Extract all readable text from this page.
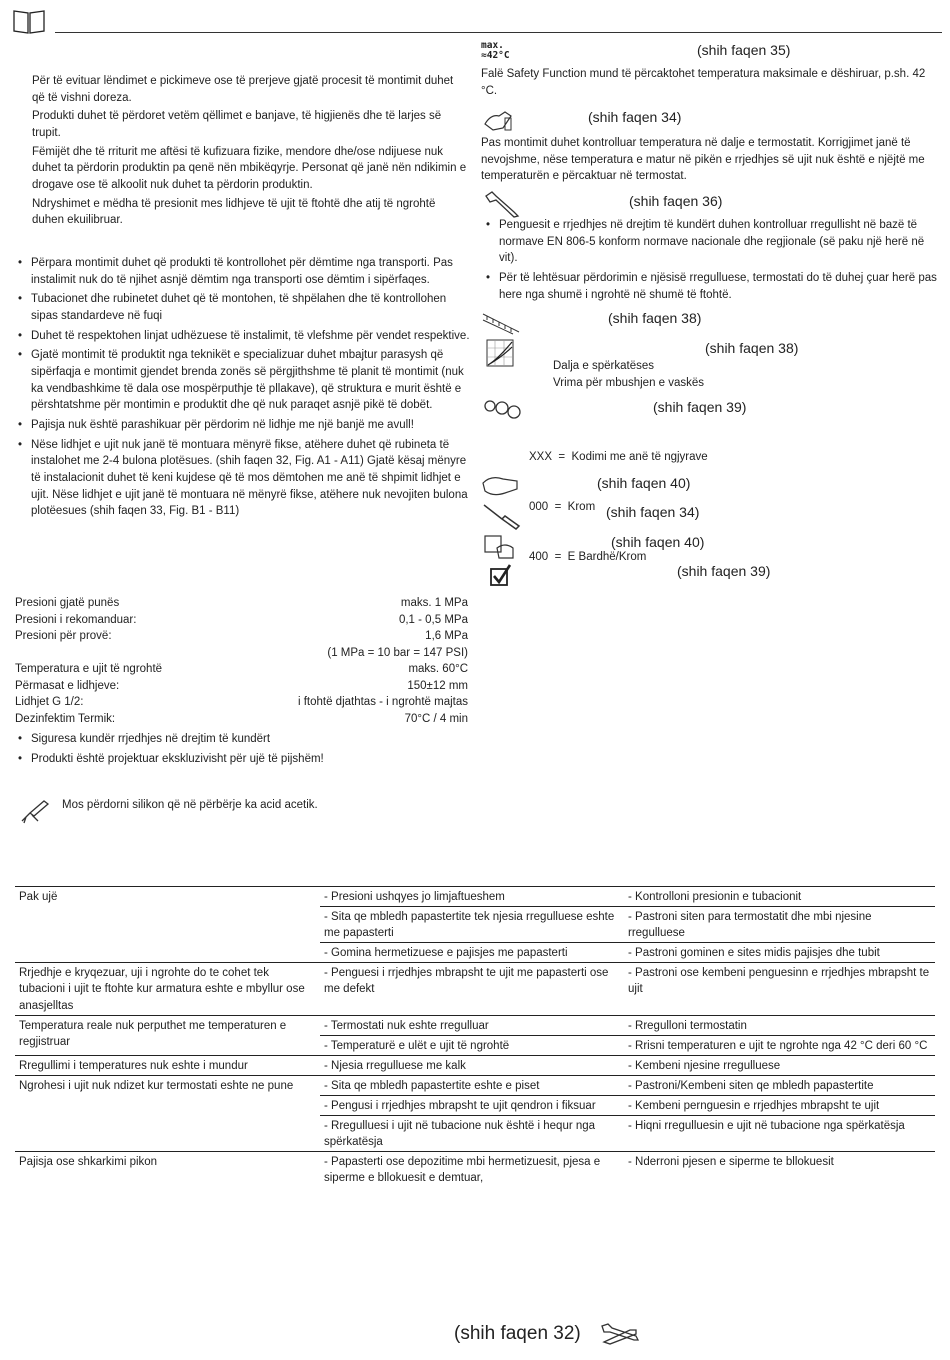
Për të evituar lëndimet e pickimeve ose të prerjeve gjatë procesit të montimit duhet që të vishni doreza.

Produkti duhet të përdoret vetëm qëllimet e banjave, të higjienës dhe të larjes së trupit.

Fëmijët dhe të rriturit me aftësi të kufizuara fizike, mendore dhe/ose ndijuese nuk duhet ta përdorin produktin pa qenë nën mbikëqyrje. Personat që janë nën ndikimin e drogave ose të alkoolit nuk duhet ta përdorin produktin.

Ndryshimet e mëdha të presionit mes lidhjeve të ujit të ftohtë dhe atij të ngrohtë duhen ekuilibruar.

• Përpara montimit duhet që produkti të kontrollohet për dëmtime nga transporti. Pas instalimit nuk do të njihet asnjë dëmtim nga transporti ose dëmtim i sipërfaqes.
• Tubacionet dhe rubinetet duhet që të montohen, të shpëlahen dhe të kontrollohen sipas standardeve në fuqi
• Duhet të respektohen linjat udhëzuese të instalimit, të vlefshme për vendet respektive.
• Gjatë montimit të produktit nga teknikët e specializuar duhet mbajtur parasysh që sipërfaqja e montimit gjendet brenda zonës së përgjithshme të planit të montimit (nuk ka vendbashkime të dala ose mospërputhje të pllakave), që struktura e murit është e përshtatshme për montimin e produktit dhe që nuk paraqet asnjë pikë të dobët.
• Pajisja nuk është parashikuar për përdorim në lidhje me një banjë me avull!
• Nëse lidhjet e ujit nuk janë të montuara mënyrë fikse, atëhere duhet që rubineta të instalohet me 2-4 bulona plotësues. (shih faqen 32, Fig. A1 - A11) Gjatë kësaj mënyre të instalacionit duhet të keni kujdese që të mos dëmtohen me anë të shpimit lidhjet e ujit. Nëse lidhjet e ujit janë të montuara në mënyrë fikse, atëhere nuk nevojiten bulona plotëesues (shih faqen 33, Fig. B1 - B11)
Presioni gjatë punës	maks. 1 MPa
Presioni i rekomanduar:	0,1 - 0,5 MPa
Presioni për provë:	1,6 MPa
(1 MPa = 10 bar = 147 PSI)
Temperatura e ujit të ngrohtë	maks. 60°C
Përmasat e lidhjeve:	150±12 mm
Lidhjet G 1/2:	i ftohtë djathtas - i ngrohtë majtas
Dezinfektim Termik:	70°C / 4 min
• Siguresa kundër rrjedhjes në drejtim të kundërt
• Produkti është projektuar ekskluzivisht për ujë të pijshëm!
Mos përdorni silikon që në përbërje ka acid acetik.
max.
≈42°C	(shih faqen 35)
Falë Safety Function mund të përcaktohet temperatura maksimale e dëshiruar, p.sh. 42 °C.
(shih faqen 34)
Pas montimit duhet kontrolluar temperatura në dalje e termostatit. Korrigjimet janë të nevojshme, nëse temperatura e matur në pikën e rrjedhjes së ujit nuk është e njëjtë me temperaturën e përcaktuar në termostat.
(shih faqen 36)
• Penguesit e rrjedhjes në drejtim të kundërt duhen kontrolluar rregullisht në bazë të normave EN 806-5 konform normave nacionale dhe regjionale (së paku një herë në vit).
• Për të lehtësuar përdorimin e njësisë rregulluese, termostati do të duhej çuar herë pas here nga shumë i ngrohtë në shumë të ftohtë.
(shih faqen 38)
(shih faqen 38)
Dalja e spërkatëses
Vrima për mbushjen e vaskës
(shih faqen 39)

XXX  =  Kodimi me anë të ngjyrave

000  =  Krom

400  =  E Bardhë/Krom

(shih faqen 40)
(shih faqen 34)
(shih faqen 40)
(shih faqen 39)
Pak ujë	- Presioni ushqyes jo limjaftueshem	- Kontrolloni presionin e tubacionit
	- Sita qe mbledh papastertite tek njesia rregulluese eshte me papasterti	- Pastroni siten para termostatit dhe mbi njesine rregulluese
	- Gomina hermetizuese e pajisjes me papasterti	- Pastroni gominen e sites midis pajisjes dhe tubit
Rrjedhje e kryqezuar, uji i ngrohte do te cohet tek tubacioni i ujit te ftohte kur armatura eshte e mbyllur ose anasjelltas	- Penguesi i rrjedhjes mbrapsht te ujit me papasterti ose me defekt	- Pastroni ose kembeni penguesinn e rrjedhjes mbrapsht te ujit
Temperatura reale nuk perputhet me temperaturen e regjistruar	- Termostati nuk eshte rregulluar	- Rregulloni termostatin
	- Temperaturë e ulët e ujit të ngrohtë	- Rrisni temperaturen e ujit te ngrohte nga 42 °C deri 60 °C
Rregullimi i temperatures nuk eshte i mundur	- Njesia rregulluese me kalk	- Kembeni njesine rregulluese
Ngrohesi i ujit nuk ndizet kur termostati eshte ne pune	- Sita qe mbledh papastertite eshte e piset	- Pastroni/Kembeni siten qe mbledh papastertite
	- Pengusi i rrjedhjes mbrapsht te ujit qendron i fiksuar	- Kembeni pernguesin e rrjedhjes mbrapsht te ujit
	- Rregulluesi i ujit në tubacione nuk është i hequr nga spërkatësja	- Hiqni rregulluesin e ujit në tubacione nga spërkatësja
Pajisja ose shkarkimi pikon	- Papasterti ose depozitime mbi hermetizuesit, pjesa e siperme e bllokuesit e demtuar,	- Nderroni pjesen e siperme te bllokuesit
(shih faqen 32)
